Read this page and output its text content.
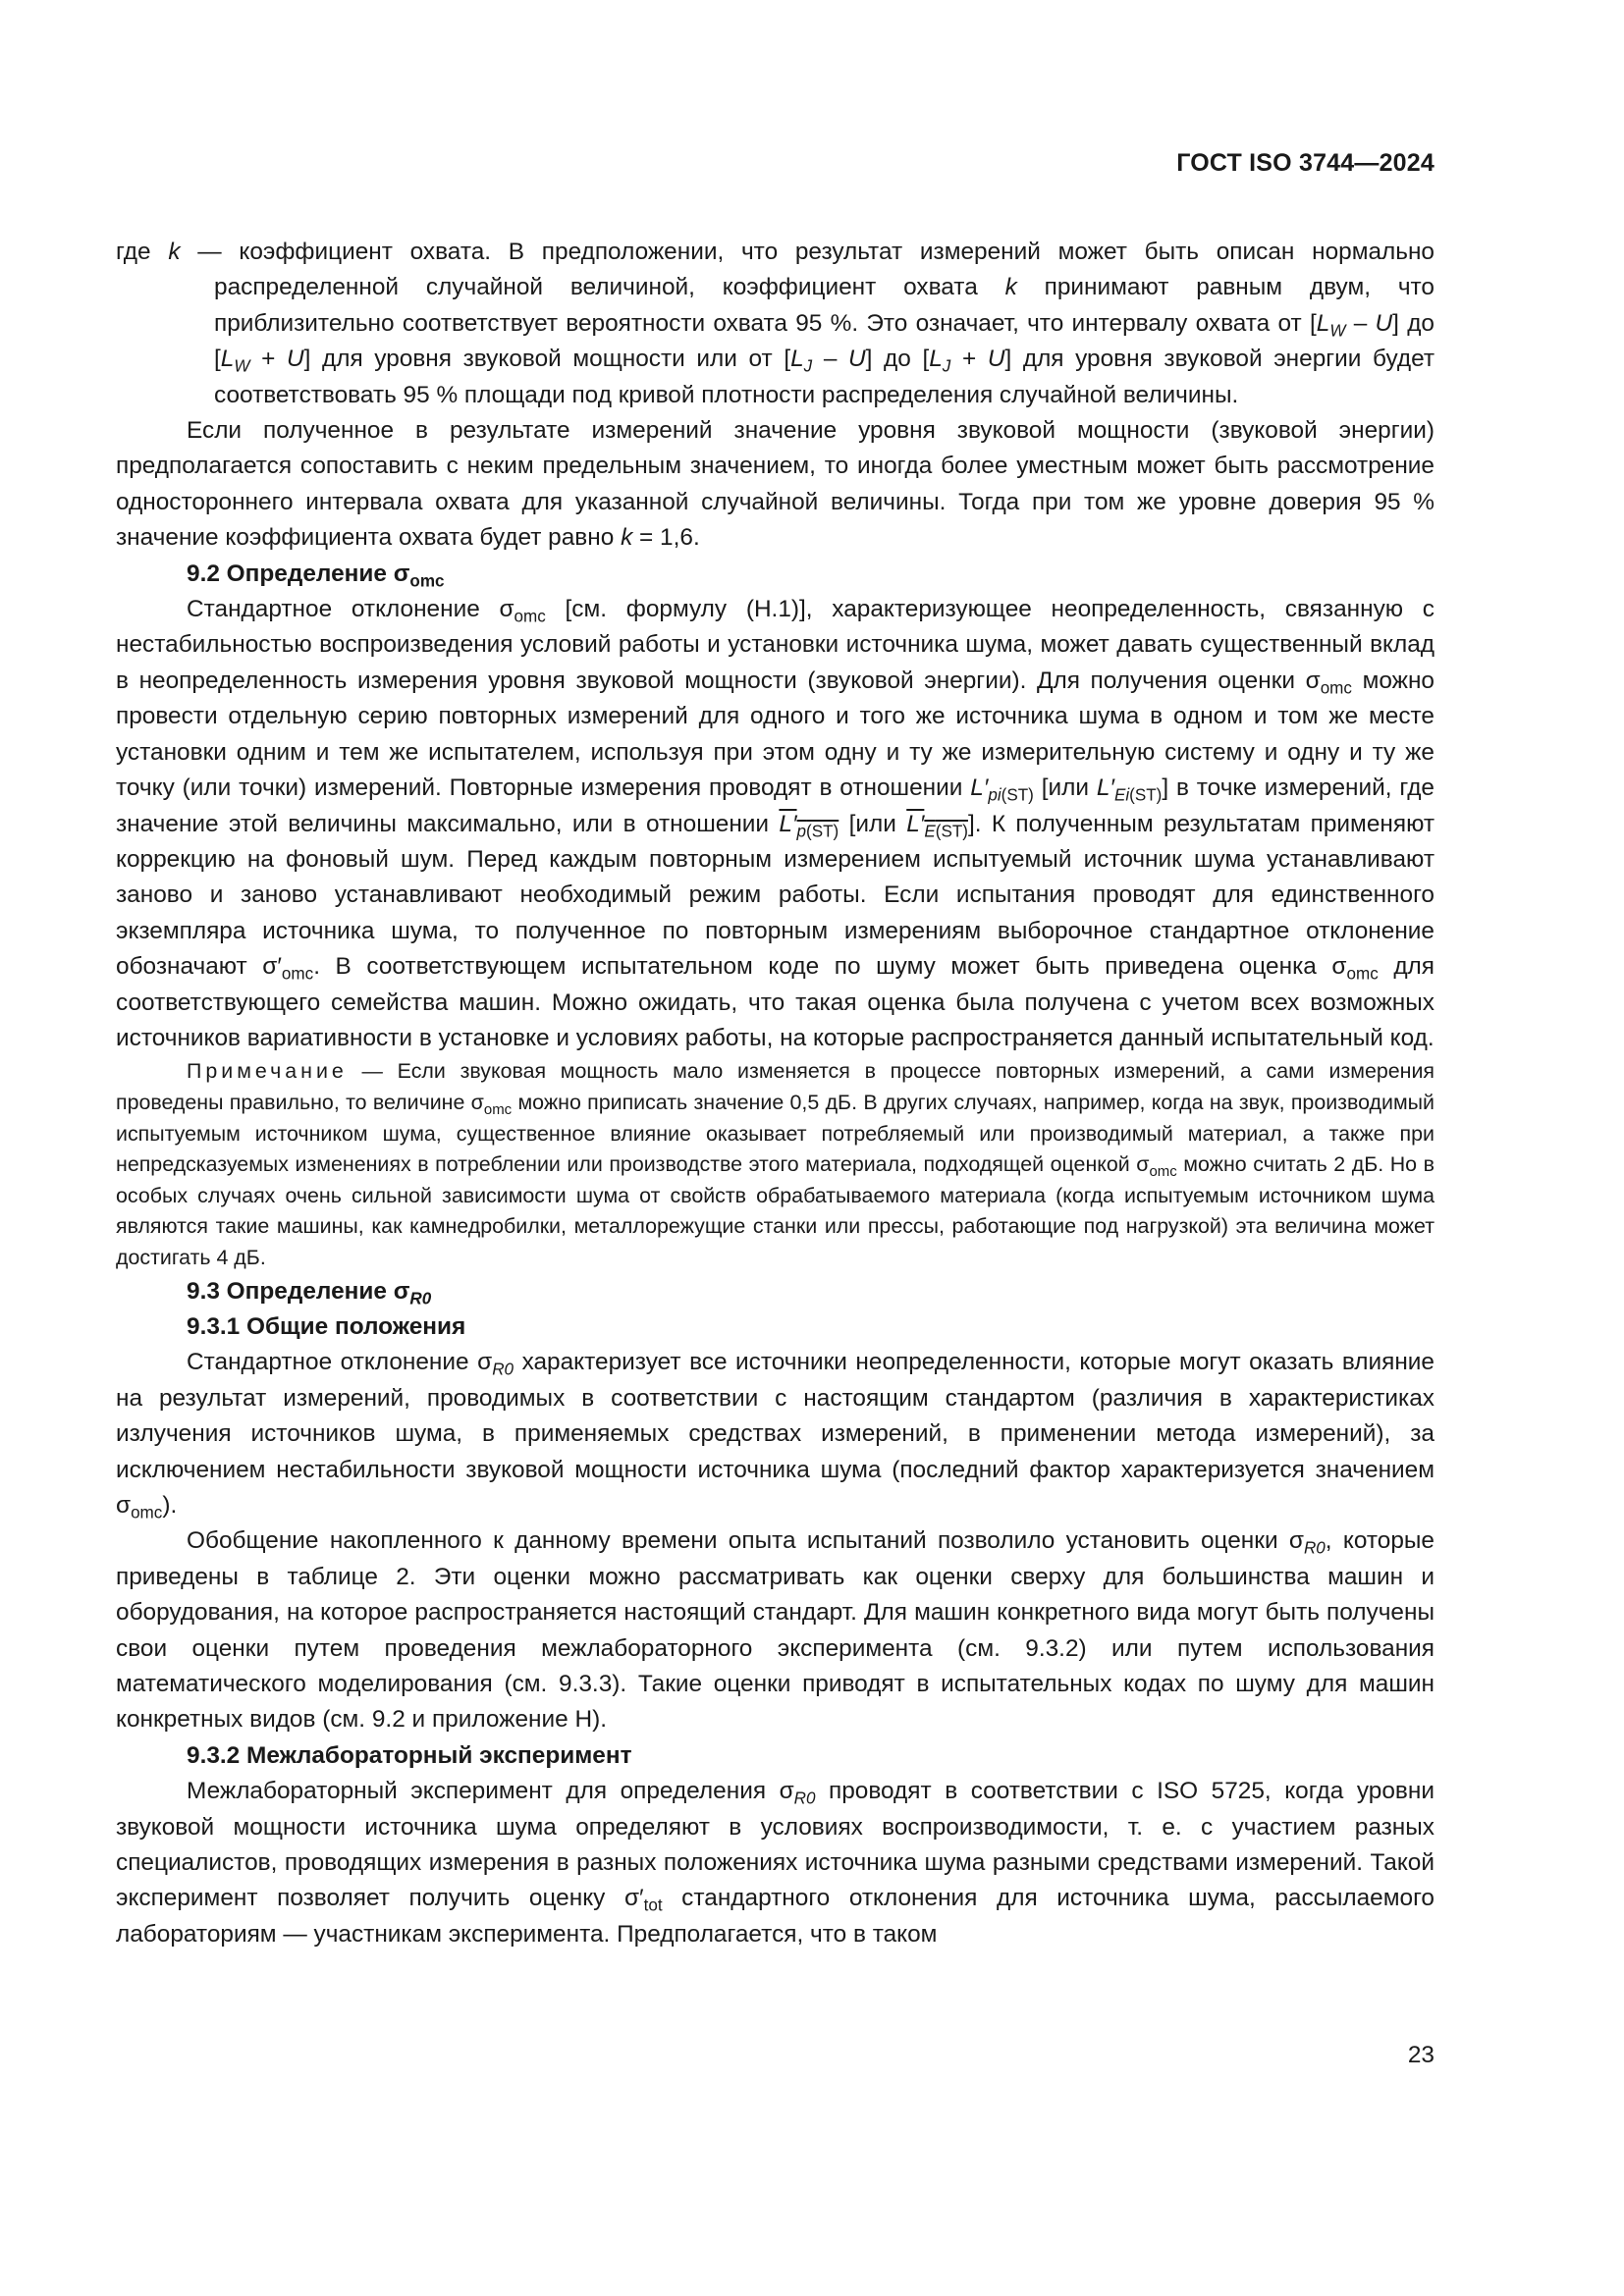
ГОСТ ISO 3744—2024

где k — коэффициент охвата. В предположении, что результат измерений может быть описан нормально распределенной случайной величиной, коэффициент охвата k принимают равным двум, что приблизительно соответствует вероятности охвата 95 %. Это означает, что интервалу охвата от $[L_W - U]$ до $[L_W + U]$ для уровня звуковой мощности или от $[L_J - U]$ до $[L_J + U]$ для уровня звуковой энергии будет соответствовать 95 % площади под кривой плотности распределения случайной величины.

Если полученное в результате измерений значение уровня звуковой мощности (звуковой энергии) предполагается сопоставить с неким предельным значением, то иногда более уместным может быть рассмотрение одностороннего интервала охвата для указанной случайной величины. Тогда при том же уровне доверия 95 % значение коэффициента охвата будет равно k = 1,6.

9.2 Определение $\sigma_{omc}$

Стандартное отклонение $\sigma_{omc}$ [см. формулу (H.1)], характеризующее неопределенность, связанную с нестабильностью воспроизведения условий работы и установки источника шума, может давать существенный вклад в неопределенность измерения уровня звуковой мощности (звуковой энергии). Для получения оценки $\sigma_{omc}$ можно провести отдельную серию повторных измерений для одного и того же источника шума в одном и том же месте установки одним и тем же испытателем, используя при этом одну и ту же измерительную систему и одну и ту же точку (или точки) измерений. Повторные измерения проводят в отношении $L'_{pi(ST)}$ [или $L'_{Ei(ST)}$] в точке измерений, где значение этой величины максимально, или в отношении $L'_{p(ST)}$ [или $L'_{E(ST)}$]. К полученным результатам применяют коррекцию на фоновый шум. Перед каждым повторным измерением испытуемый источник шума устанавливают заново и заново устанавливают необходимый режим работы. Если испытания проводят для единственного экземпляра источника шума, то полученное по повторным измерениям выборочное стандартное отклонение обозначают $\sigma'_{omc}$. В соответствующем испытательном коде по шуму может быть приведена оценка $\sigma_{omc}$ для соответствующего семейства машин. Можно ожидать, что такая оценка была получена с учетом всех возможных источников вариативности в установке и условиях работы, на которые распространяется данный испытательный код.

Примечание — Если звуковая мощность мало изменяется в процессе повторных измерений, а сами измерения проведены правильно, то величине $\sigma_{omc}$ можно приписать значение 0,5 дБ. В других случаях, например, когда на звук, производимый испытуемым источником шума, существенное влияние оказывает потребляемый или производимый материал, а также при непредсказуемых изменениях в потреблении или производстве этого материала, подходящей оценкой $\sigma_{omc}$ можно считать 2 дБ. Но в особых случаях очень сильной зависимости шума от свойств обрабатываемого материала (когда испытуемым источником шума являются такие машины, как камнедробилки, металлорежущие станки или прессы, работающие под нагрузкой) эта величина может достигать 4 дБ.

9.3 Определение $\sigma_{R0}$

9.3.1 Общие положения

Стандартное отклонение $\sigma_{R0}$ характеризует все источники неопределенности, которые могут оказать влияние на результат измерений, проводимых в соответствии с настоящим стандартом (различия в характеристиках излучения источников шума, в применяемых средствах измерений, в применении метода измерений), за исключением нестабильности звуковой мощности источника шума (последний фактор характеризуется значением $\sigma_{omc}$).

Обобщение накопленного к данному времени опыта испытаний позволило установить оценки $\sigma_{R0}$, которые приведены в таблице 2. Эти оценки можно рассматривать как оценки сверху для большинства машин и оборудования, на которое распространяется настоящий стандарт. Для машин конкретного вида могут быть получены свои оценки путем проведения межлабораторного эксперимента (см. 9.3.2) или путем использования математического моделирования (см. 9.3.3). Такие оценки приводят в испытательных кодах по шуму для машин конкретных видов (см. 9.2 и приложение H).

9.3.2 Межлабораторный эксперимент

Межлабораторный эксперимент для определения $\sigma_{R0}$ проводят в соответствии с ISO 5725, когда уровни звуковой мощности источника шума определяют в условиях воспроизводимости, т. е. с участием разных специалистов, проводящих измерения в разных положениях источника шума разными средствами измерений. Такой эксперимент позволяет получить оценку $\sigma'_{tot}$ стандартного отклонения для источника шума, рассылаемого лабораториям — участникам эксперимента. Предполагается, что в таком

23
